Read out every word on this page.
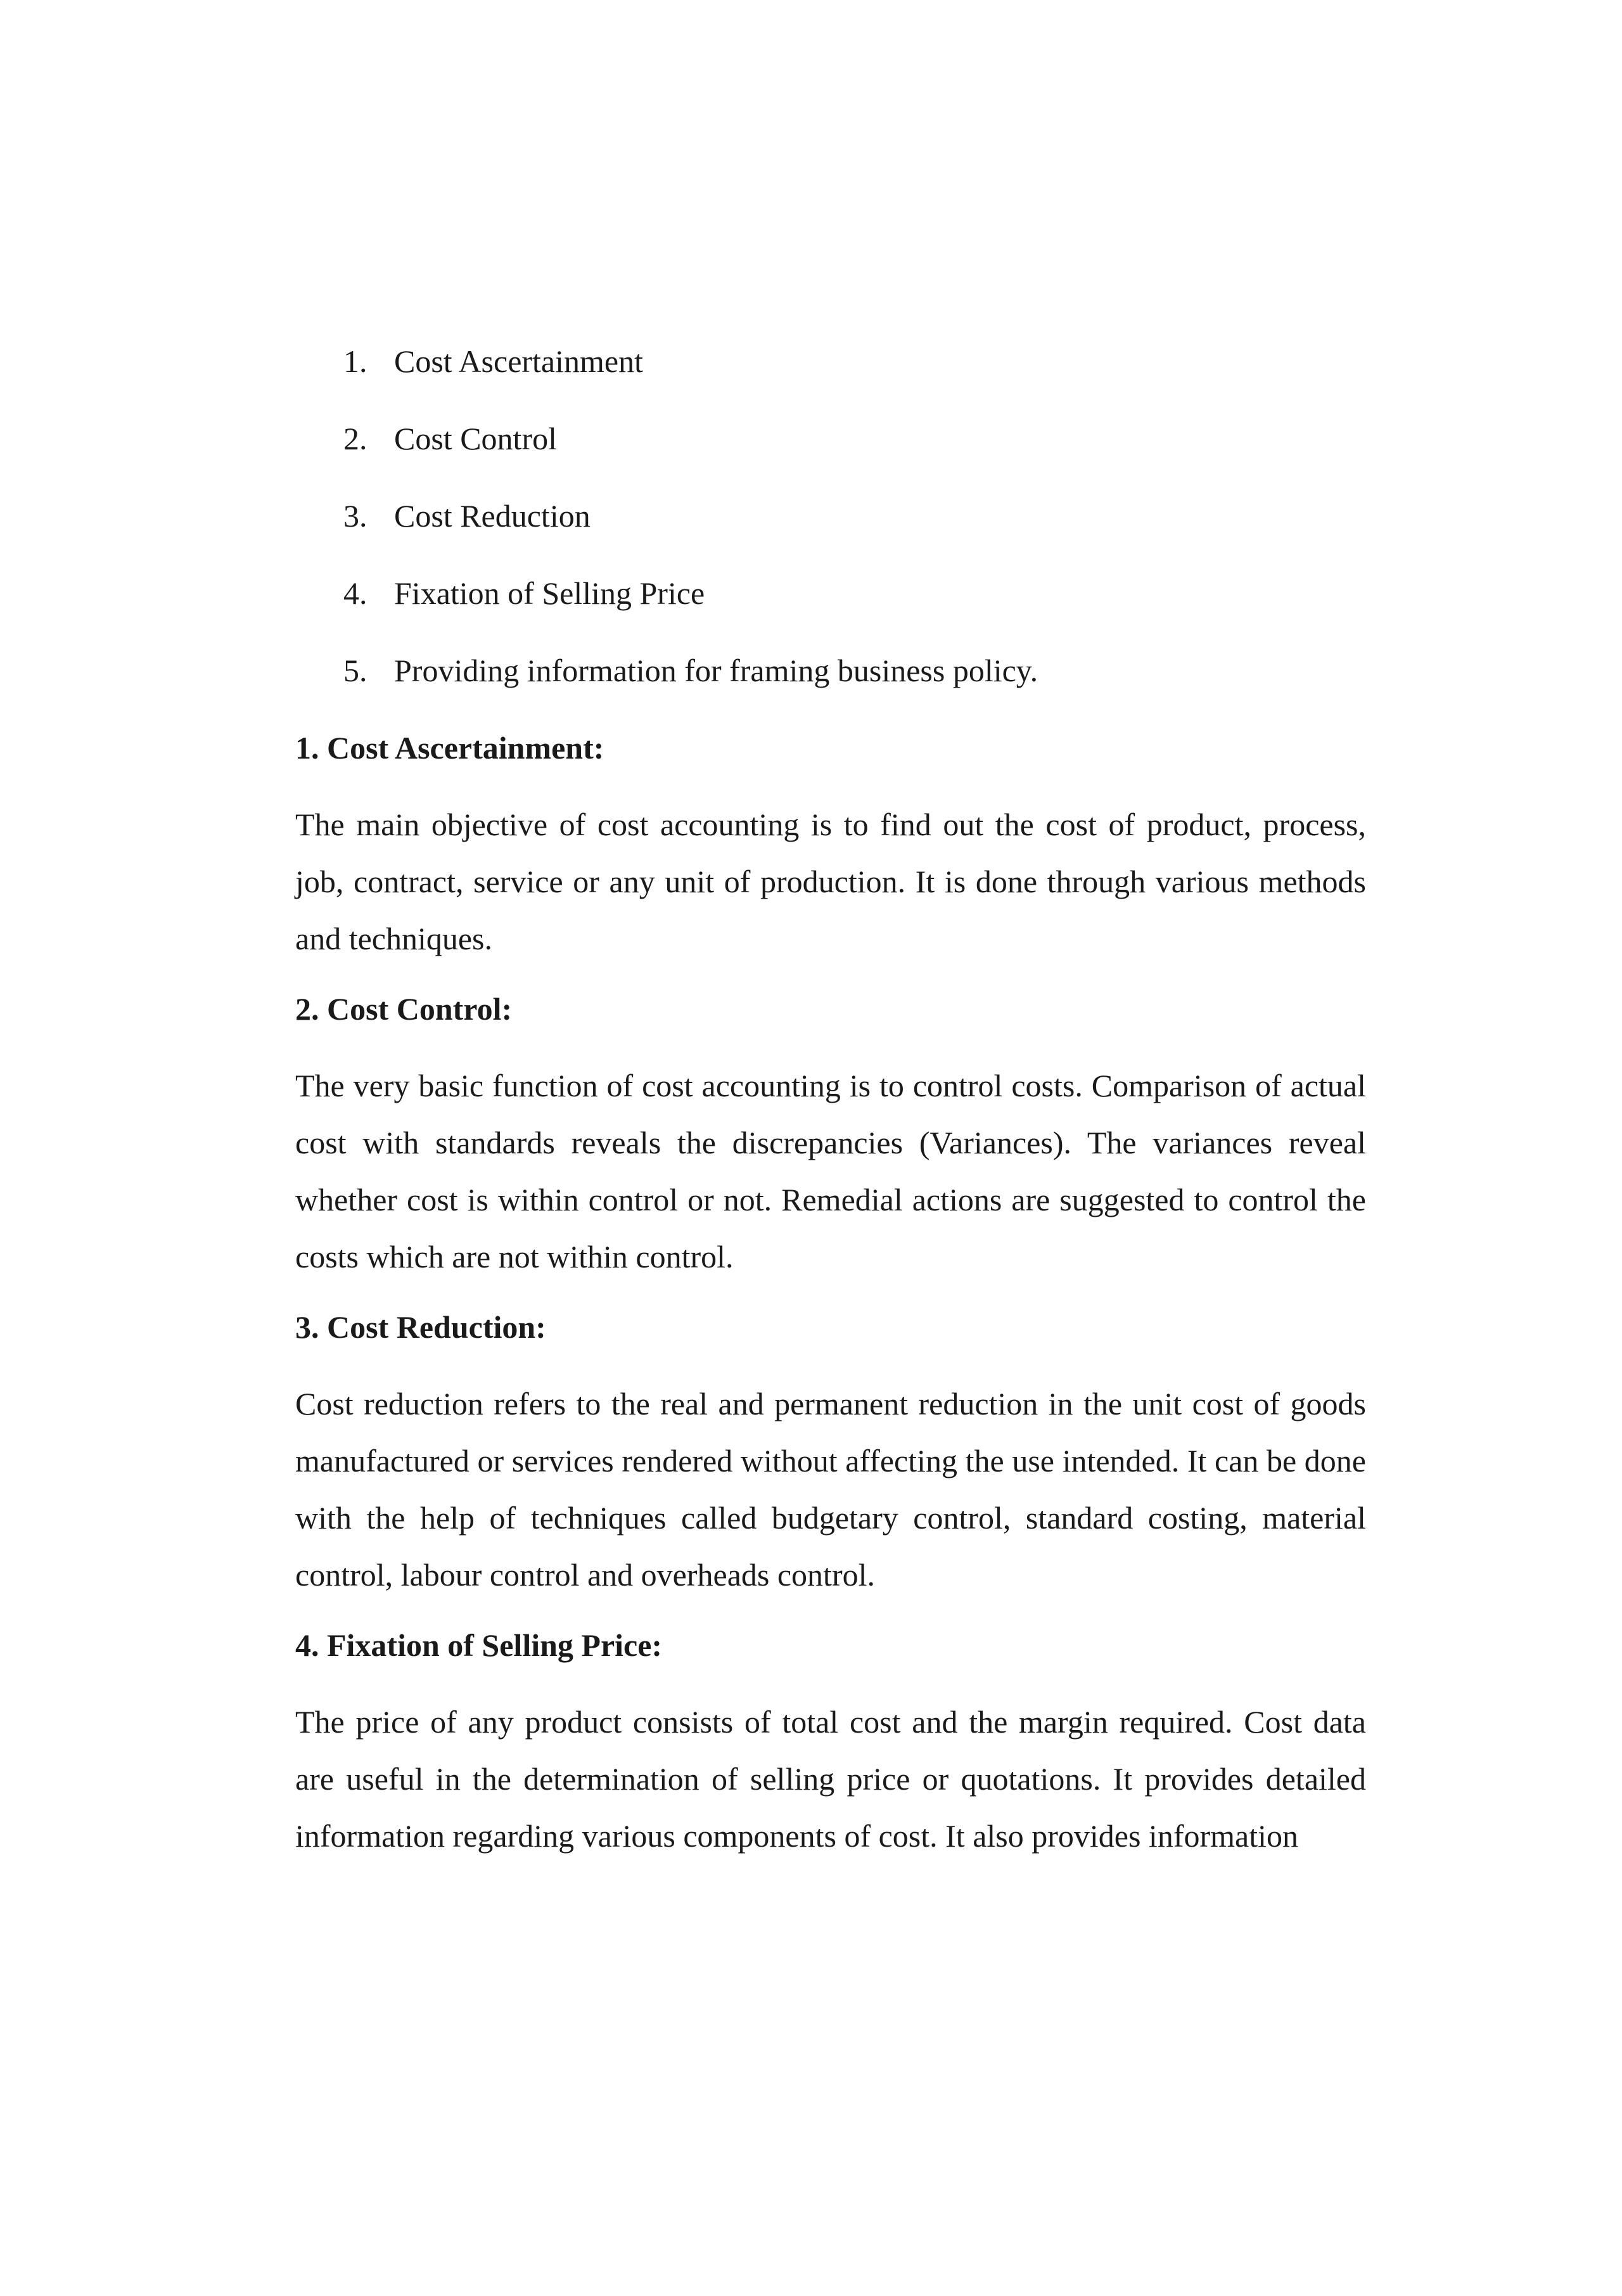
1. Cost Ascertainment
2. Cost Control
3. Cost Reduction
4. Fixation of Selling Price
5. Providing information for framing business policy.
1. Cost Ascertainment:

The main objective of cost accounting is to find out the cost of product, process, job, contract, service or any unit of production. It is done through various methods and techniques.

2. Cost Control:

The very basic function of cost accounting is to control costs. Comparison of actual cost with standards reveals the discrepancies (Variances). The variances reveal whether cost is within control or not. Remedial actions are suggested to control the costs which are not within control.

3. Cost Reduction:

Cost reduction refers to the real and permanent reduction in the unit cost of goods manufactured or services rendered without affecting the use intended. It can be done with the help of techniques called budgetary control, standard costing, material control, labour control and overheads control.

4. Fixation of Selling Price:

The price of any product consists of total cost and the margin required. Cost data are useful in the determination of selling price or quotations. It provides detailed information regarding various components of cost. It also provides information
